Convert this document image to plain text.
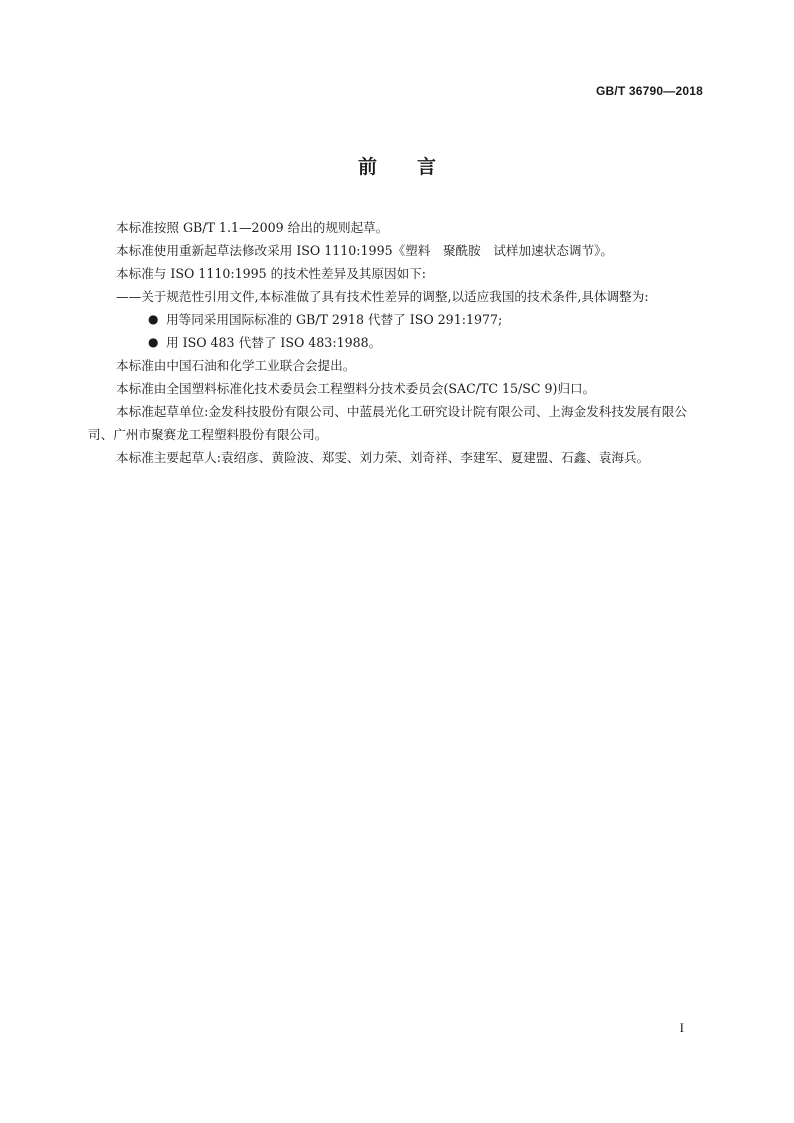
GB/T 36790—2018
前 言

本标准按照 GB/T 1.1—2009 给出的规则起草。

本标准使用重新起草法修改采用 ISO 1110:1995《塑料　聚酰胺　试样加速状态调节》。

本标准与 ISO 1110:1995 的技术性差异及其原因如下:

——关于规范性引用文件,本标准做了具有技术性差异的调整,以适应我国的技术条件,具体调整为:

● 用等同采用国际标准的 GB/T 2918 代替了 ISO 291:1977;

● 用 ISO 483 代替了 ISO 483:1988。

本标准由中国石油和化学工业联合会提出。

本标准由全国塑料标准化技术委员会工程塑料分技术委员会(SAC/TC 15/SC 9)归口。

本标准起草单位:金发科技股份有限公司、中蓝晨光化工研究设计院有限公司、上海金发科技发展有限公司、广州市聚赛龙工程塑料股份有限公司。

本标准主要起草人:袁绍彦、黄险波、郑雯、刘力荣、刘奇祥、李建军、夏建盟、石鑫、袁海兵。

I
